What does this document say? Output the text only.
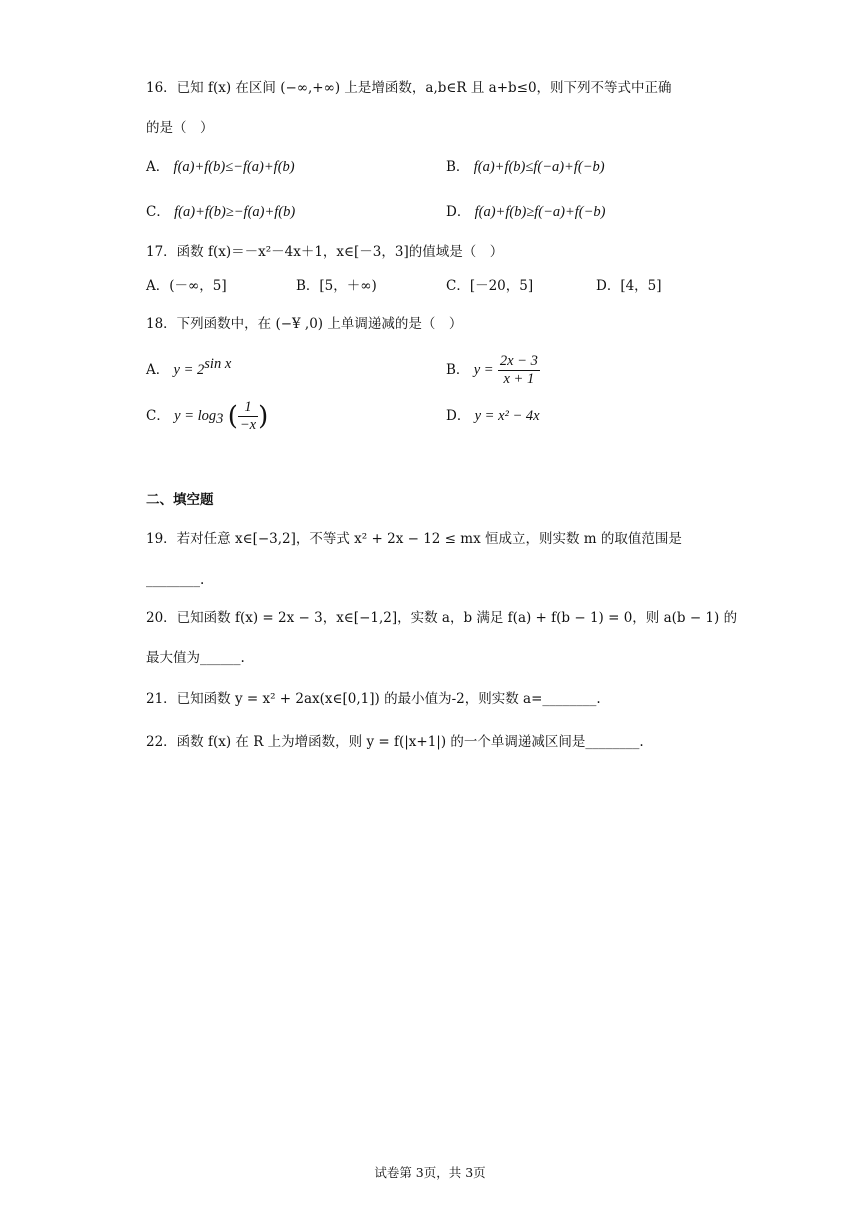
16．已知 f(x) 在区间 (−∞,+∞) 上是增函数，a,b∈R 且 a+b≤0，则下列不等式中正确
的是（　）
A． f(a)+f(b)≤−f(a)+f(b)	B． f(a)+f(b)≤f(−a)+f(−b)
C． f(a)+f(b)≥−f(a)+f(b)	D． f(a)+f(b)≥f(−a)+f(−b)
17．函数 f(x)＝－x²－4x＋1，x∈[－3，3]的值域是（　）
A．(－∞，5]	B．[5，＋∞)	C．[－20，5]	D．[4，5]
18．下列函数中，在 (−¥ ,0) 上单调递减的是（　）
A． $y = 2^{sin x}$	B． $y = \frac{2x - 3}{x + 1}$
C． $y = \log_3$ ( $\frac{1}{-x}$ )	D． y = x² − 4x
二、填空题
19．若对任意 x∈[−3,2]，不等式 x² + 2x − 12 ≤ mx 恒成立，则实数 m 的取值范围是
________.
20．已知函数 f(x) = 2x − 3，x∈[−1,2]，实数 a，b 满足 f(a) + f(b − 1) = 0，则 a(b − 1) 的
最大值为______.
21．已知函数 y = x² + 2ax(x∈[0,1]) 的最小值为-2，则实数 a=________.
22．函数 f(x) 在 R 上为增函数，则 y = f(|x+1|) 的一个单调递减区间是________.
试卷第 3页，共 3页
